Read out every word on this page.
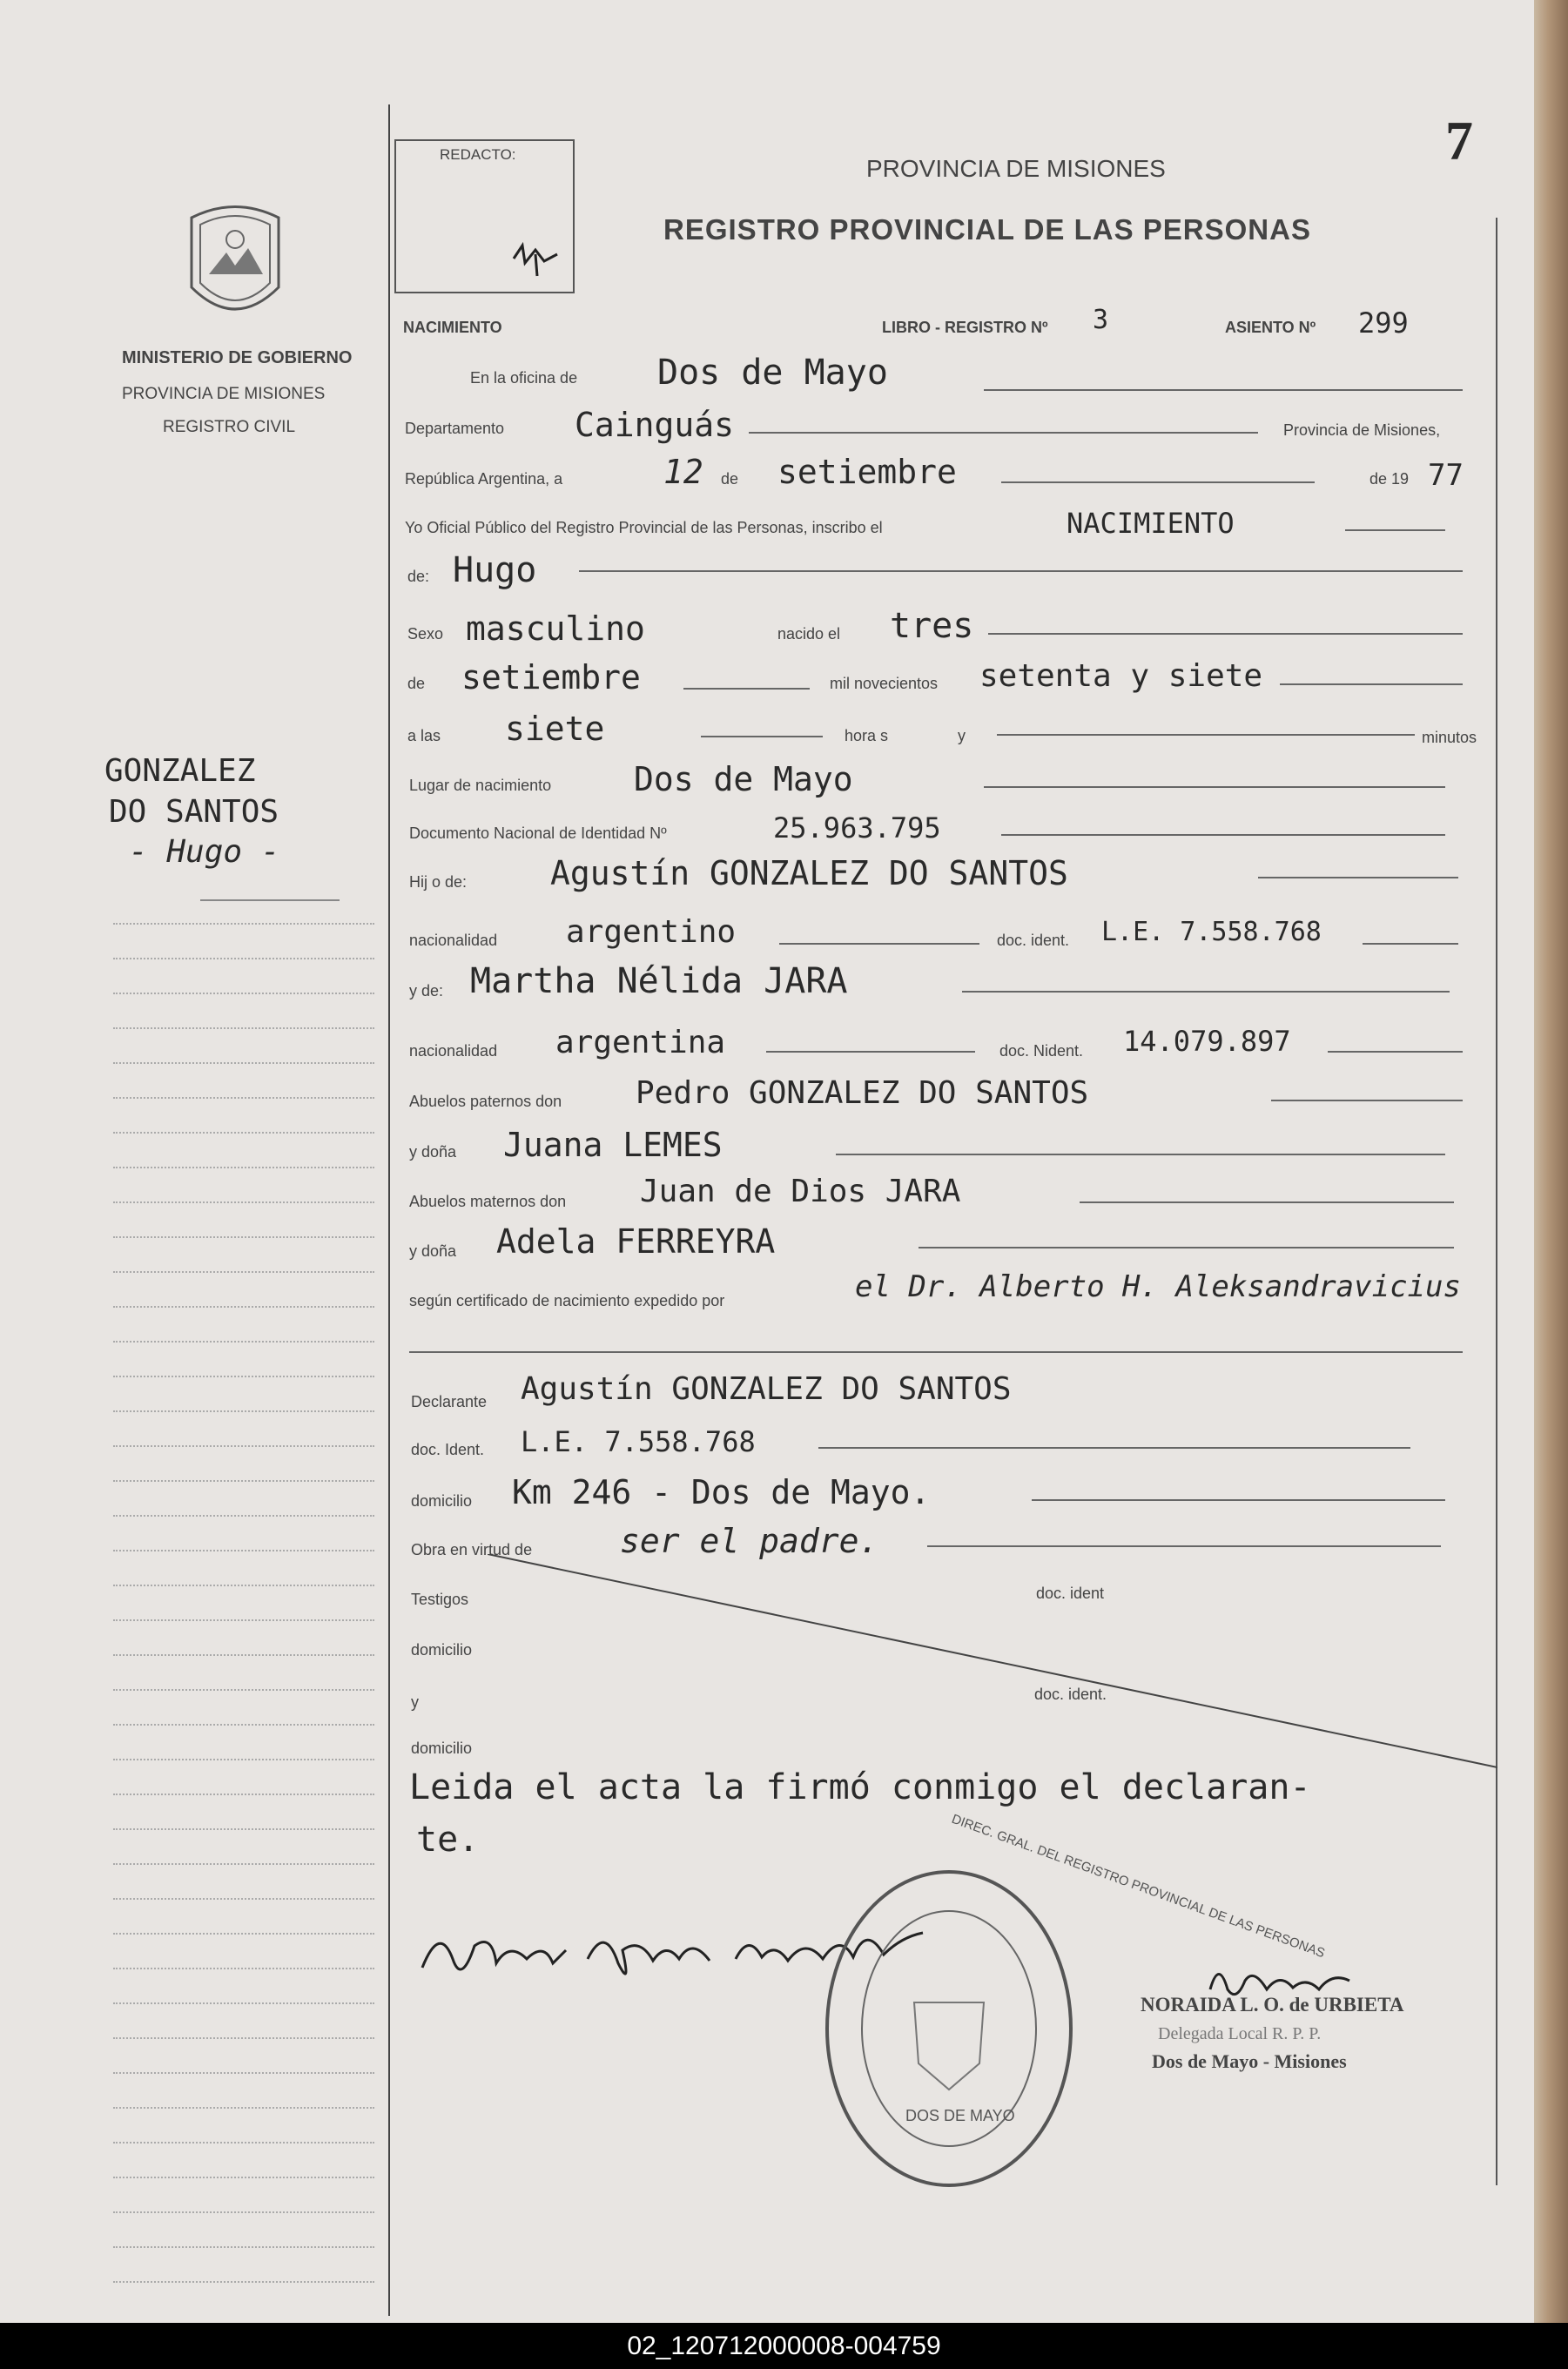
7
REDACTO:
PROVINCIA DE MISIONES
REGISTRO PROVINCIAL DE LAS PERSONAS
MINISTERIO DE GOBIERNO
PROVINCIA DE MISIONES
REGISTRO CIVIL
GONZALEZ
DO SANTOS
- Hugo -
NACIMIENTO	LIBRO - REGISTRO Nº 3	ASIENTO Nº 299
En la oficina de Dos de Mayo
Departamento Cainguás	Provincia de Misiones,
República Argentina, a	12 de setiembre	de 19 77
Yo Oficial Público del Registro Provincial de las Personas, inscribo el	NACIMIENTO
de: Hugo
Sexo masculino	nacido el tres
de setiembre	mil novecientos setenta y siete
a las siete	hora s	y	minutos
Lugar de nacimiento Dos de Mayo
Documento Nacional de Identidad Nº	25.963.795
Hij o de:	Agustín GONZALEZ DO SANTOS
nacionalidad argentino	doc. ident. L.E. 7.558.768
y de: Martha Nélida JARA
nacionalidad argentina	doc. Nident. 14.079.897
Abuelos paternos don Pedro GONZALEZ DO SANTOS
y doña Juana LEMES
Abuelos maternos don Juan de Dios JARA
y doña Adela FERREYRA
según certificado de nacimiento expedido por	el Dr. Alberto H. Aleksandravicius
Declarante Agustín GONZALEZ DO SANTOS
doc. Ident. L.E. 7.558.768
domicilio Km 246 - Dos de Mayo.
Obra en virtud de	ser el padre.
Testigos	doc. ident
domicilio
y	doc. ident.
domicilio
Leida el acta la firmó conmigo el declaran-
te.	DIREC. GRAL. DEL REGISTRO PROVINCIAL DE LAS PERSONAS
DOS DE MAYO
NORAIDA L. O. de URBIETA
Delegada Local R. P. P.
Dos de Mayo - Misiones
02_120712000008-004759
